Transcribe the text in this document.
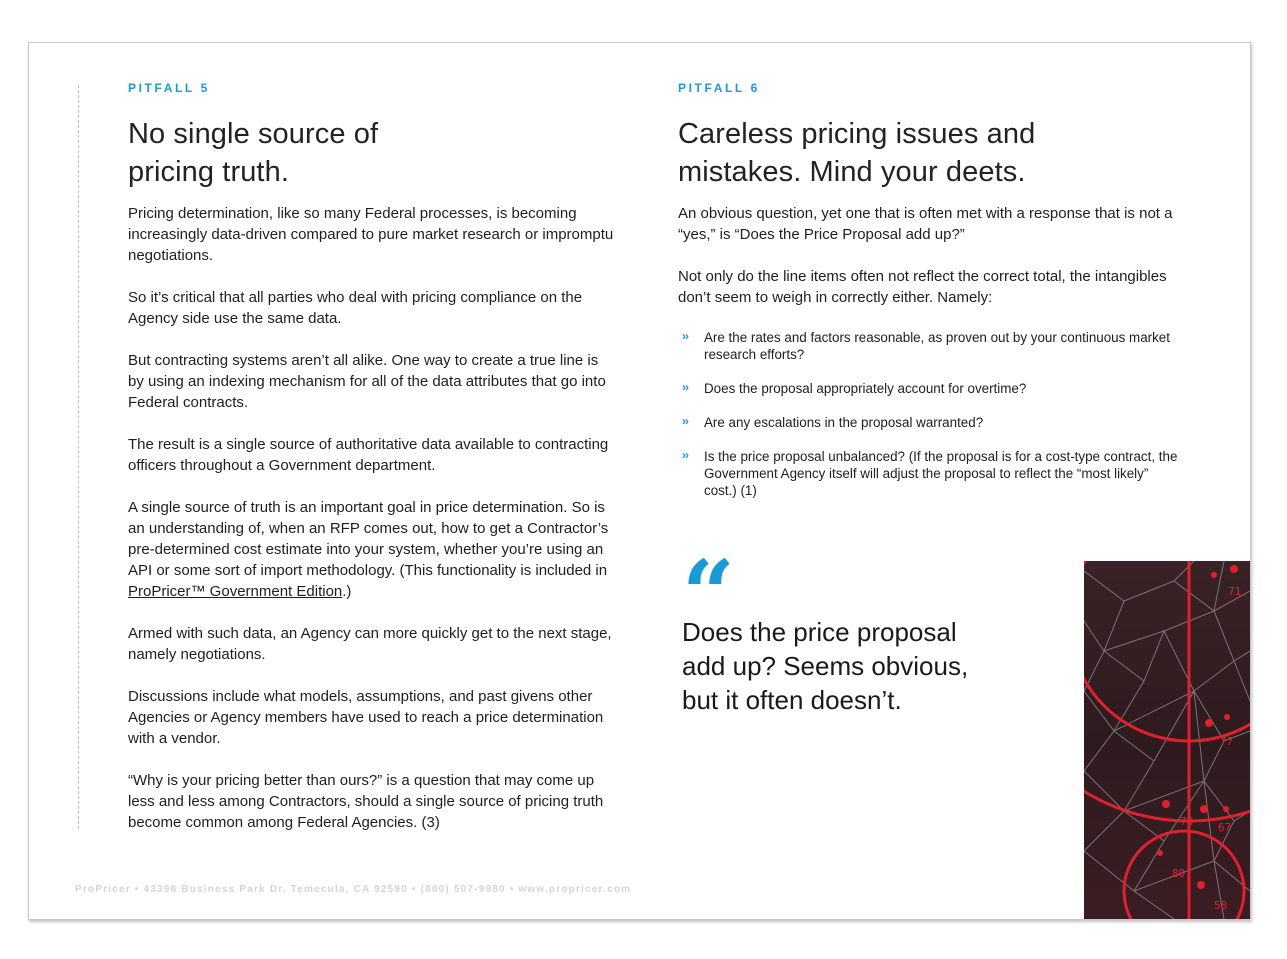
PITFALL 5
No single source of
pricing truth.

Pricing determination, like so many Federal processes, is becoming increasingly data-driven compared to pure market research or impromptu negotiations.

So it’s critical that all parties who deal with pricing compliance on the Agency side use the same data.

But contracting systems aren’t all alike. One way to create a true line is by using an indexing mechanism for all of the data attributes that go into Federal contracts.

The result is a single source of authoritative data available to contracting officers throughout a Government department.

A single source of truth is an important goal in price determination. So is an understanding of, when an RFP comes out, how to get a Contractor’s pre-determined cost estimate into your system, whether you’re using an API or some sort of import methodology. (This functionality is included in ProPricer™ Government Edition.)

Armed with such data, an Agency can more quickly get to the next stage, namely negotiations.

Discussions include what models, assumptions, and past givens other Agencies or Agency members have used to reach a price determination with a vendor.

“Why is your pricing better than ours?” is a question that may come up less and less among Contractors, should a single source of pricing truth become common among Federal Agencies. (3)

PITFALL 6
Careless pricing issues and
mistakes. Mind your deets.

An obvious question, yet one that is often met with a response that is not a “yes,” is “Does the Price Proposal add up?”

Not only do the line items often not reflect the correct total, the intangibles don’t seem to weigh in correctly either. Namely:

›› Are the rates and factors reasonable, as proven out by your continuous market research efforts?
›› Does the proposal appropriately account for overtime?
›› Are any escalations in the proposal warranted?
›› Is the price proposal unbalanced? (If the proposal is for a cost-type contract, the Government Agency itself will adjust the proposal to reflect the “most likely” cost.) (1)
“
Does the price proposal
add up? Seems obvious,
but it often doesn’t.
ProPricer • 43398 Business Park Dr, Temecula, CA 92590 • (800) 507-9980 • www.propricer.com
71
77
78 67
80
58
